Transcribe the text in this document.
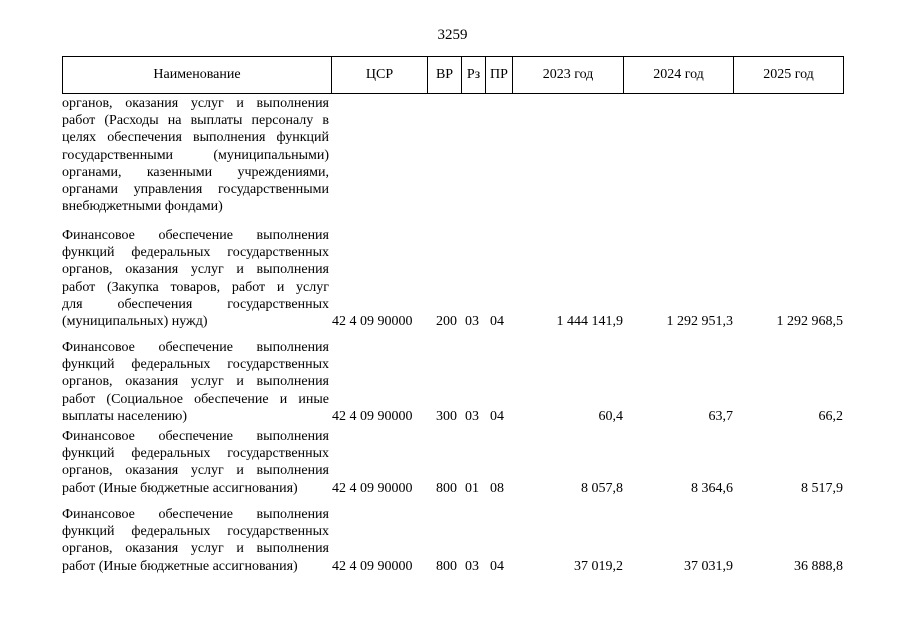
3259
Наименование	ЦСР	ВР Рз ПР	2023 год	2024 год	2025 год
органов, оказания услуг и выполнения
работ (Расходы на выплаты персоналу в
целях обеспечения выполнения функций
государственными (муниципальными)
органами, казенными учреждениями,
органами управления государственными
внебюджетными фондами)
Финансовое обеспечение выполнения
функций федеральных государственных
органов, оказания услуг и выполнения
работ (Закупка товаров, работ и услуг
для обеспечения государственных
(муниципальных) нужд)	42 4 09 90000 200 03 04	1 444 141,9	1 292 951,3	1 292 968,5
Финансовое обеспечение выполнения
функций федеральных государственных
органов, оказания услуг и выполнения
работ (Социальное обеспечение и иные
выплаты населению)	42 4 09 90000 300 03 04	60,4	63,7	66,2
Финансовое обеспечение выполнения
функций федеральных государственных
органов, оказания услуг и выполнения
работ (Иные бюджетные ассигнования)	42 4 09 90000 800 01 08	8 057,8	8 364,6	8 517,9
Финансовое обеспечение выполнения
функций федеральных государственных
органов, оказания услуг и выполнения
работ (Иные бюджетные ассигнования)	42 4 09 90000 800 03 04	37 019,2	37 031,9	36 888,8
